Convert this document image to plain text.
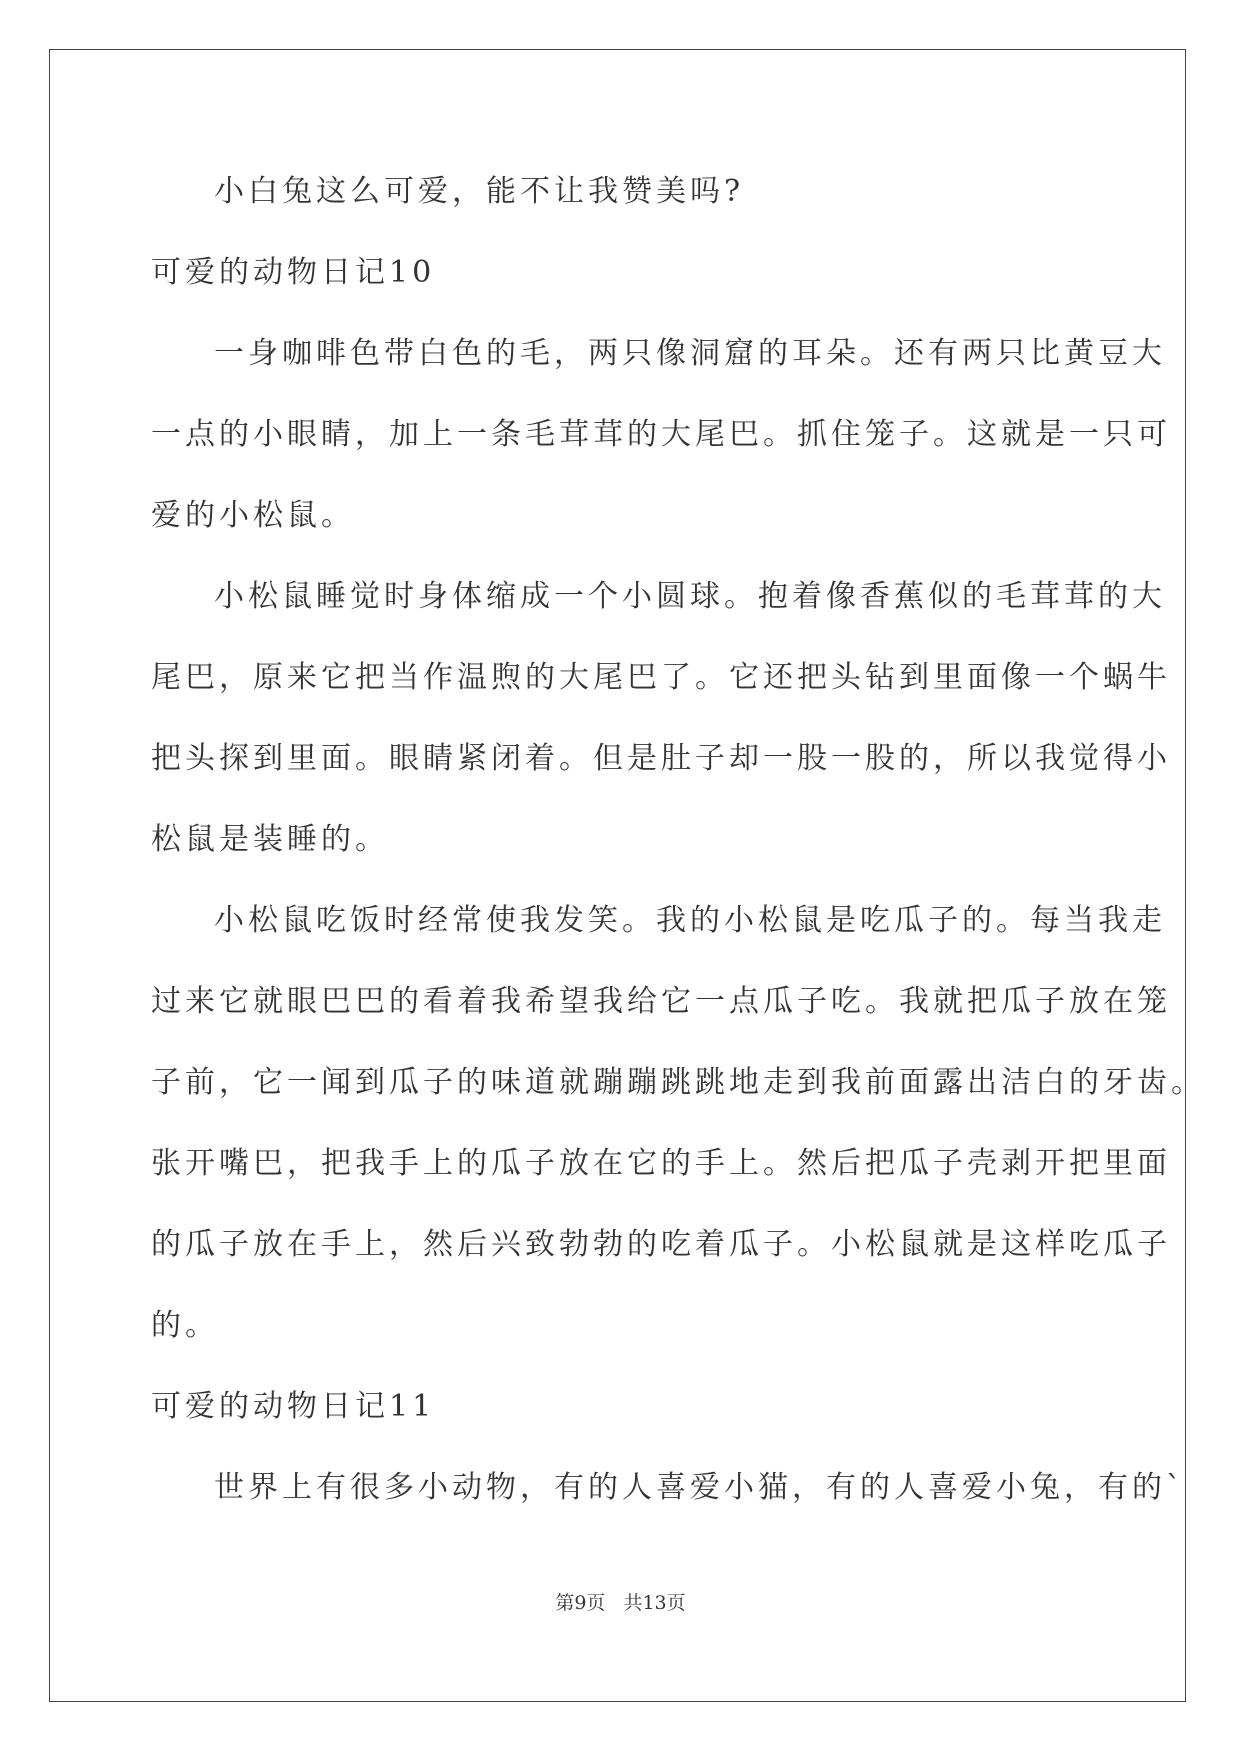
小白兔这么可爱，能不让我赞美吗?
可爱的动物日记10
一身咖啡色带白色的毛，两只像洞窟的耳朵。还有两只比黄豆大
一点的小眼睛，加上一条毛茸茸的大尾巴。抓住笼子。这就是一只可
爱的小松鼠。
小松鼠睡觉时身体缩成一个小圆球。抱着像香蕉似的毛茸茸的大
尾巴，原来它把当作温煦的大尾巴了。它还把头钻到里面像一个蜗牛
把头探到里面。眼睛紧闭着。但是肚子却一股一股的，所以我觉得小
松鼠是装睡的。
小松鼠吃饭时经常使我发笑。我的小松鼠是吃瓜子的。每当我走
过来它就眼巴巴的看着我希望我给它一点瓜子吃。我就把瓜子放在笼
子前，它一闻到瓜子的味道就蹦蹦跳跳地走到我前面露出洁白的牙齿。
张开嘴巴，把我手上的瓜子放在它的手上。然后把瓜子壳剥开把里面
的瓜子放在手上，然后兴致勃勃的吃着瓜子。小松鼠就是这样吃瓜子
的。
可爱的动物日记11
世界上有很多小动物，有的人喜爱小猫，有的人喜爱小兔，有的`
第9页 共13页
